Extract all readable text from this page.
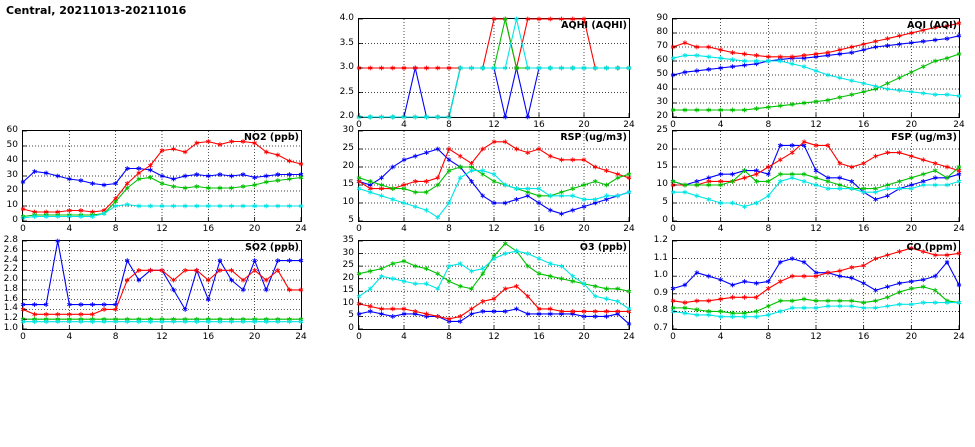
Central, 20211013-20211016
0	4	8	12	16	20	24
2.0
2.5
3.0
3.5
4.0
AQHI (AQHI)
0	4	8	12	16	20	24
20
30
40
50
60
70
80
90
AQI (AQI)
0	4	8	12	16	20	24
0
10
20
30
40
50
60
NO2 (ppb)
0	4	8	12	16	20	24
5
10
15
20
25
30
RSP (ug/m3)
0	4	8	12	16	20	24
0
5
10
15
20
25
FSP (ug/m3)
0	4	8	12	16	20	24
1.0
1.2
1.4
1.6
1.8
2.0
2.2
2.4
2.6
2.8
SO2 (ppb)
0	4	8	12	16	20	24
0
5
10
15
20
25
30
35
O3 (ppb)
0	4	8	12	16	20	24
0.7
0.8
0.9
1.0
1.1
1.2
CO (ppm)
